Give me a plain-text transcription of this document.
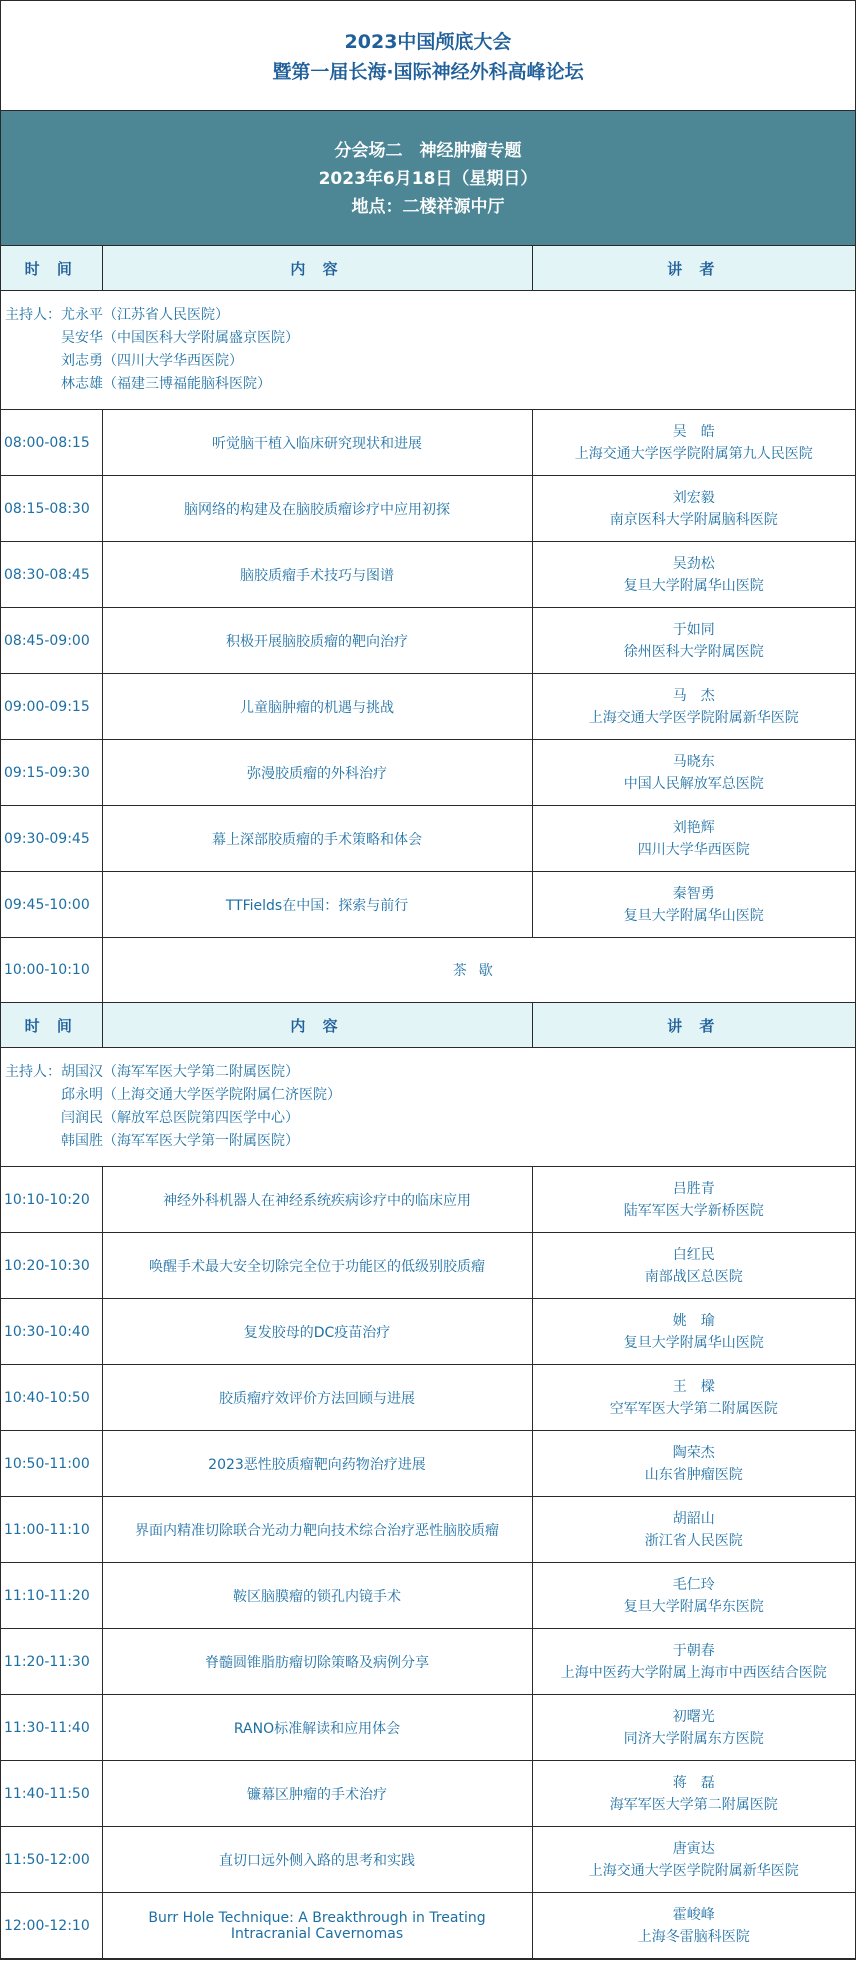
2023中国颅底大会
暨第一届长海·国际神经外科高峰论坛
分会场二　神经肿瘤专题
2023年6月18日（星期日）
地点：二楼祥源中厅
时 间	内 容	讲 者

主持人：尤永平（江苏省人民医院）
　　　　吴安华（中国医科大学附属盛京医院）
　　　　刘志勇（四川大学华西医院）
　　　　林志雄（福建三博福能脑科医院）		

08:00-08:15	听觉脑干植入临床研究现状和进展	吴　皓
上海交通大学医学院附属第九人民医院

08:15-08:30	脑网络的构建及在脑胶质瘤诊疗中应用初探	刘宏毅
南京医科大学附属脑科医院

08:30-08:45	脑胶质瘤手术技巧与图谱	吴劲松
复旦大学附属华山医院

08:45-09:00	积极开展脑胶质瘤的靶向治疗	于如同
徐州医科大学附属医院

09:00-09:15	儿童脑肿瘤的机遇与挑战	马　杰
上海交通大学医学院附属新华医院

09:15-09:30	弥漫胶质瘤的外科治疗	马晓东
中国人民解放军总医院

09:30-09:45	幕上深部胶质瘤的手术策略和体会	刘艳辉
四川大学华西医院

09:45-10:00	TTFields在中国：探索与前行	秦智勇
复旦大学附属华山医院

10:00-10:10	茶歇	
时 间	内 容	讲 者

主持人：胡国汉（海军军医大学第二附属医院）
　　　　邱永明（上海交通大学医学院附属仁济医院）
　　　　闫润民（解放军总医院第四医学中心）
　　　　韩国胜（海军军医大学第一附属医院）		

10:10-10:20	神经外科机器人在神经系统疾病诊疗中的临床应用	吕胜青
陆军军医大学新桥医院

10:20-10:30	唤醒手术最大安全切除完全位于功能区的低级别胶质瘤	白红民
南部战区总医院

10:30-10:40	复发胶母的DC疫苗治疗	姚　瑜
复旦大学附属华山医院

10:40-10:50	胶质瘤疗效评价方法回顾与进展	王　樑
空军军医大学第二附属医院

10:50-11:00	2023恶性胶质瘤靶向药物治疗进展	陶荣杰
山东省肿瘤医院

11:00-11:10	界面内精准切除联合光动力靶向技术综合治疗恶性脑胶质瘤	胡韶山
浙江省人民医院

11:10-11:20	鞍区脑膜瘤的锁孔内镜手术	毛仁玲
复旦大学附属华东医院

11:20-11:30	脊髓圆锥脂肪瘤切除策略及病例分享	于朝春
上海中医药大学附属上海市中西医结合医院

11:30-11:40	RANO标准解读和应用体会	初曙光
同济大学附属东方医院

11:40-11:50	镰幕区肿瘤的手术治疗	蒋　磊
海军军医大学第二附属医院

11:50-12:00	直切口远外侧入路的思考和实践	唐寅达
上海交通大学医学院附属新华医院

12:00-12:10	Burr Hole Technique: A Breakthrough in Treating Intracranial Cavernomas	霍峻峰
上海冬雷脑科医院
